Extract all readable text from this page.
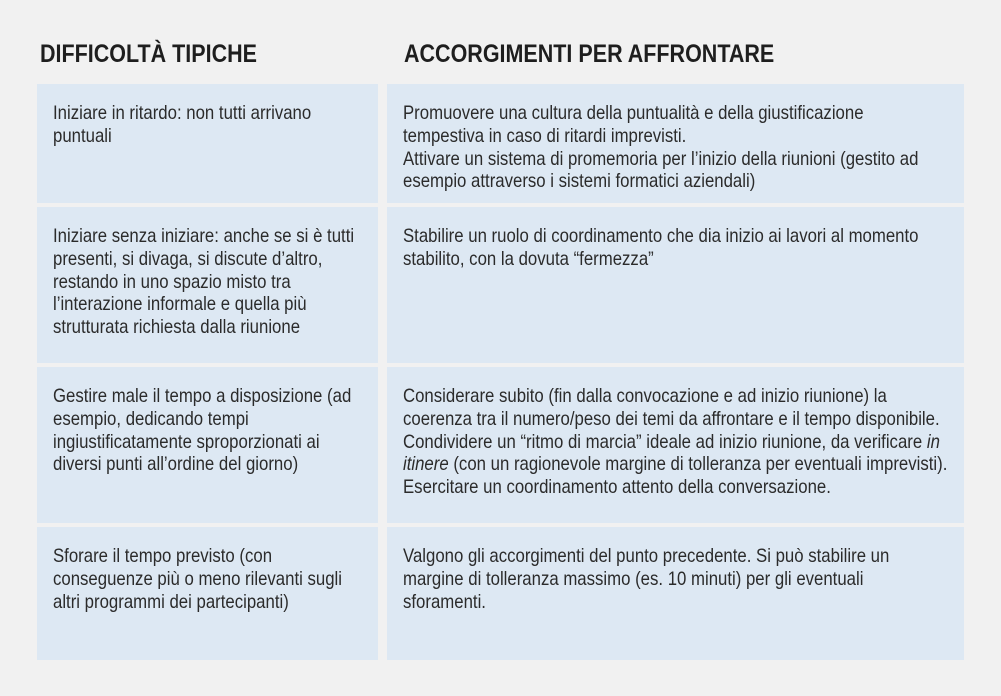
DIFFICOLTÀ TIPICHE	ACCORGIMENTI PER AFFRONTARE
Iniziare in ritardo: non tutti arrivano puntuali
Promuovere una cultura della puntualità e della giustificazione tempestiva in caso di ritardi imprevisti.
Attivare un sistema di promemoria per l’inizio della riunioni (gestito ad esempio attraverso i sistemi formatici aziendali)
Iniziare senza iniziare: anche se si è tutti presenti, si divaga, si discute d’altro, restando in uno spazio misto tra l’interazione informale e quella più strutturata richiesta dalla riunione
Stabilire un ruolo di coordinamento che dia inizio ai lavori al momento stabilito, con la dovuta “fermezza”
Gestire male il tempo a disposizione (ad esempio, dedicando tempi ingiustificatamente sproporzionati ai diversi punti all’ordine del giorno)
Considerare subito (fin dalla convocazione e ad inizio riunione) la coerenza tra il numero/peso dei temi da affrontare e il tempo disponibile. Condividere un “ritmo di marcia” ideale ad inizio riunione, da verificare in itinere (con un ragionevole margine di tolleranza per eventuali imprevisti). Esercitare un coordinamento attento della conversazione.
Sforare il tempo previsto (con conseguenze più o meno rilevanti sugli altri programmi dei partecipanti)
Valgono gli accorgimenti del punto precedente. Si può stabilire un margine di tolleranza massimo (es. 10 minuti) per gli eventuali sforamenti.
